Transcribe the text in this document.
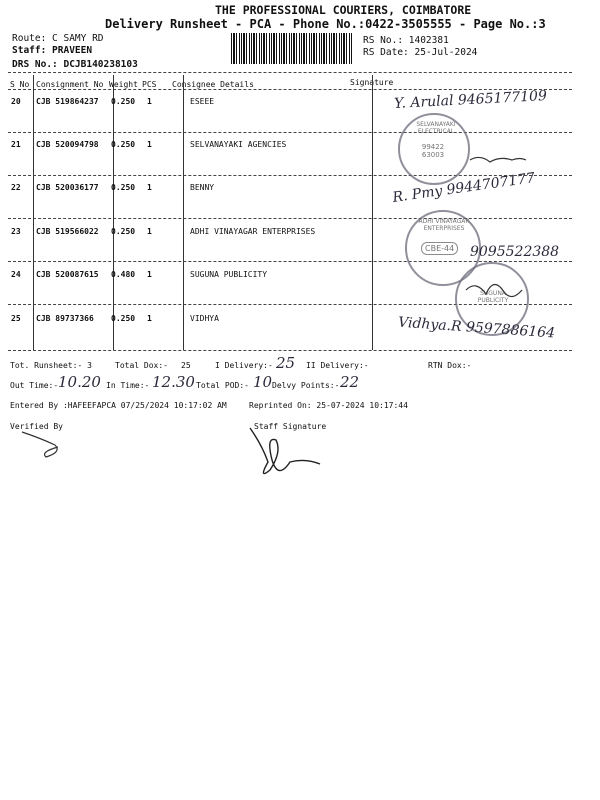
THE PROFESSIONAL COURIERS, COIMBATORE
Delivery Runsheet - PCA - Phone No.:0422-3505555 - Page No.:3
Route: C SAMY RD
Staff: PRAVEEN
DRS No.: DCJB140238103
RS No.: 1402381
RS Date: 25-Jul-2024
S No Consignment No Weight PCS Consignee Details	Signature
20 CJB 519864237 0.250 1	ESEEE
21 CJB 520094798 0.250 1	SELVANAYAKI AGENCIES
22 CJB 520036177 0.250 1	BENNY
23 CJB 519566022 0.250 1	ADHI VINAYAGAR ENTERPRISES
24 CJB 520087615 0.480 1	SUGUNA PUBLICITY
25 CJB 89737366 0.250 1	VIDHYA
SELVANAYAKI ELECTRICAL
99422 63003
ADHI VINAYAGAR ENTERPRISES
CBE-44
SUGUNA PUBLICITY
Y. Arulal 9465177109
R. Pmy 9944707177
9095522388
Vidhya.R 9597886164
Tot. Runsheet:- 3	Total Dox:- 25	I Delivery:- 25 II Delivery:-	RTN Dox:-
Out Time:- 10.20 In Time:- 12.30 Total POD:- 10 Delvy Points:- 22
Entered By :HAFEEFAPCA 07/25/2024 10:17:02 AM	Reprinted On: 25-07-2024 10:17:44
Verified By	Staff Signature
